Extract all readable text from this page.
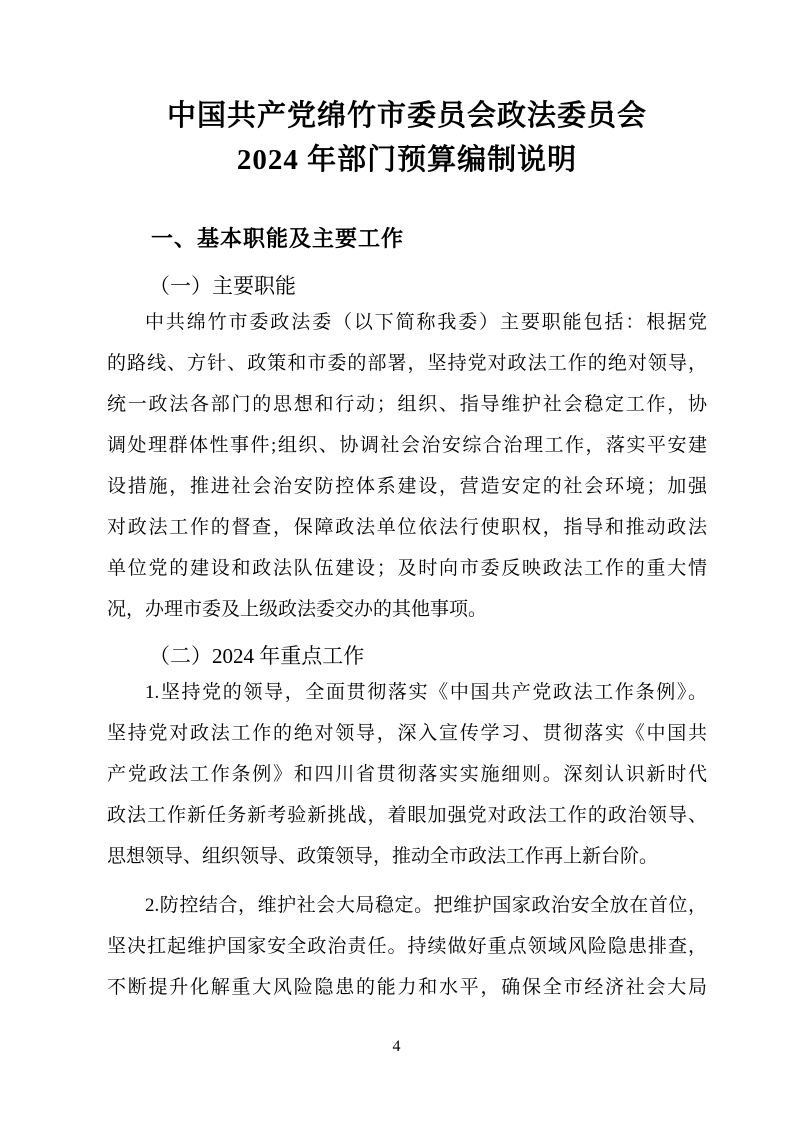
中国共产党绵竹市委员会政法委员会
2024 年部门预算编制说明
一、基本职能及主要工作
（一）主要职能
中共绵竹市委政法委（以下简称我委）主要职能包括：根据党
的路线、方针、政策和市委的部署，坚持党对政法工作的绝对领导，
统一政法各部门的思想和行动；组织、指导维护社会稳定工作，协
调处理群体性事件;组织、协调社会治安综合治理工作，落实平安建
设措施，推进社会治安防控体系建设，营造安定的社会环境；加强
对政法工作的督查，保障政法单位依法行使职权，指导和推动政法
单位党的建设和政法队伍建设；及时向市委反映政法工作的重大情
况，办理市委及上级政法委交办的其他事项。
（二）2024 年重点工作
1.坚持党的领导，全面贯彻落实《中国共产党政法工作条例》。
坚持党对政法工作的绝对领导，深入宣传学习、贯彻落实《中国共
产党政法工作条例》和四川省贯彻落实实施细则。深刻认识新时代
政法工作新任务新考验新挑战，着眼加强党对政法工作的政治领导、
思想领导、组织领导、政策领导，推动全市政法工作再上新台阶。
2.防控结合，维护社会大局稳定。把维护国家政治安全放在首位，
坚决扛起维护国家安全政治责任。持续做好重点领域风险隐患排查，
不断提升化解重大风险隐患的能力和水平，确保全市经济社会大局
4
